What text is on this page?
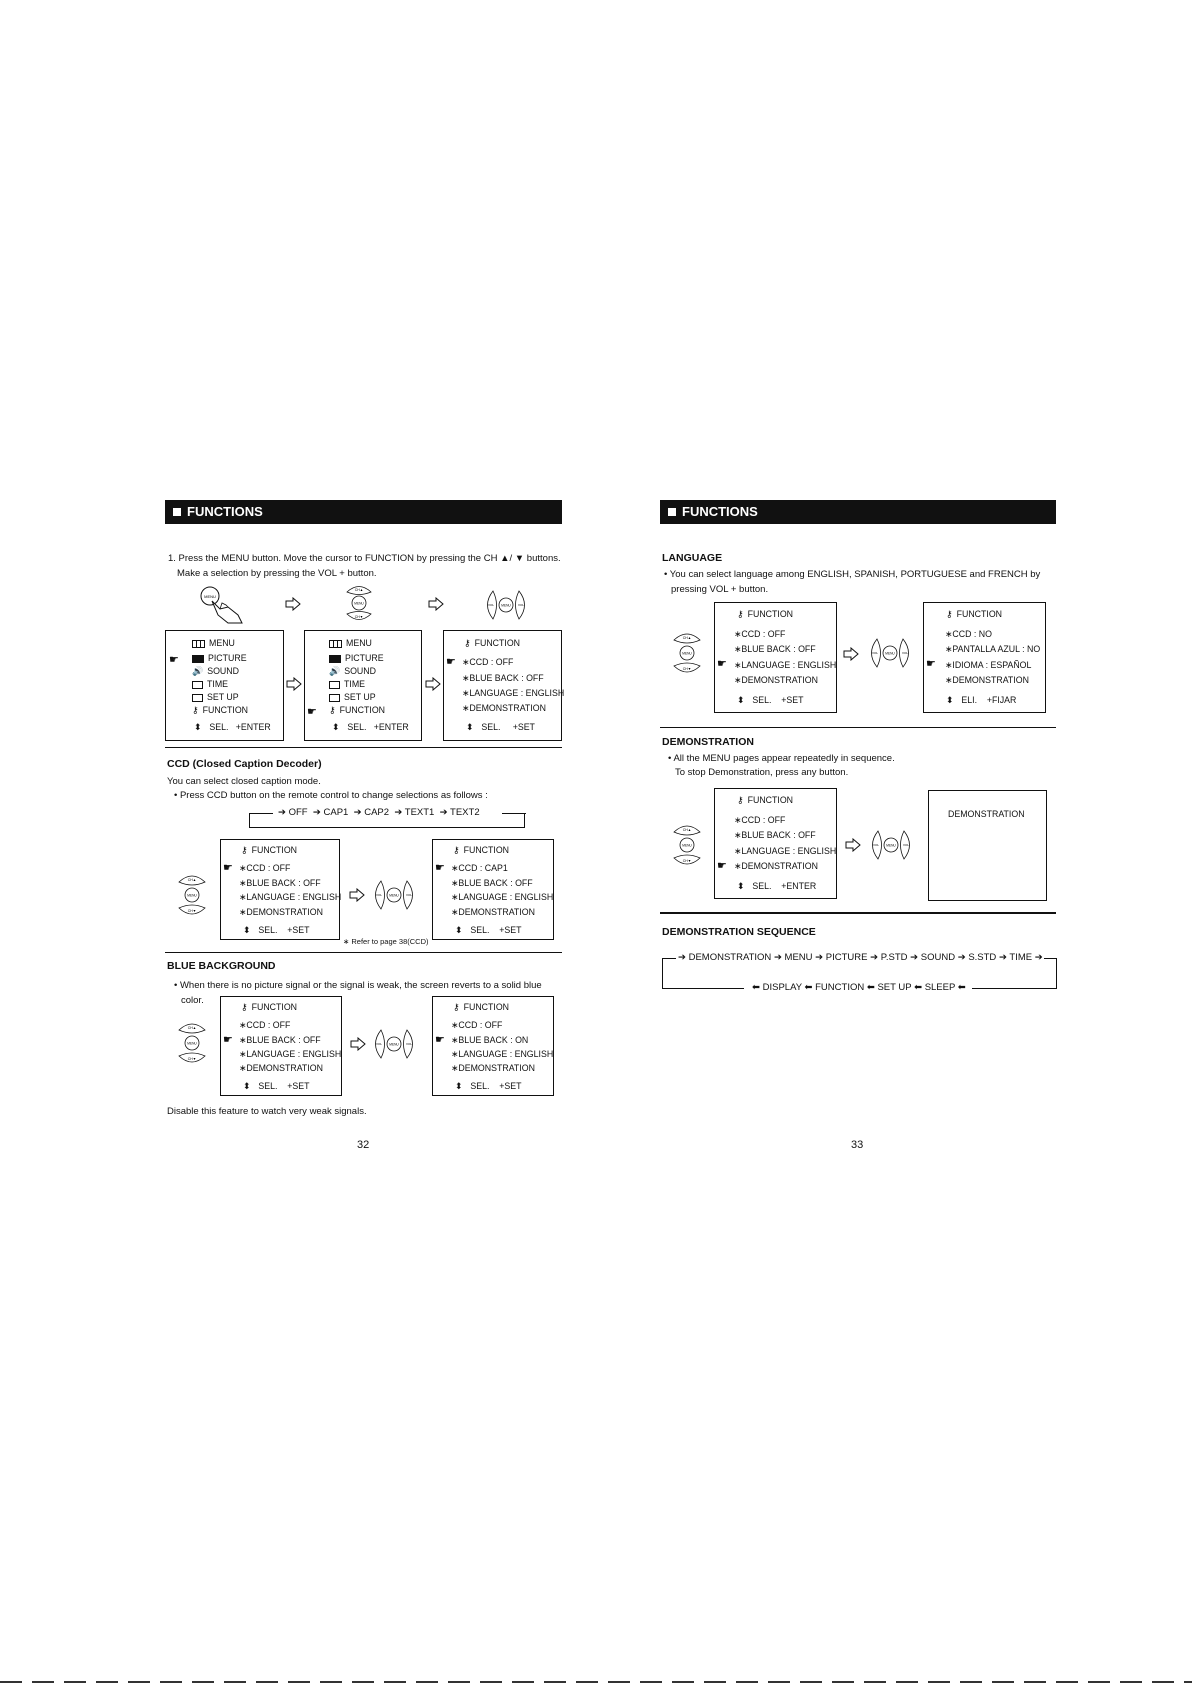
FUNCTIONS
1. Press the MENU button. Move the cursor to FUNCTION by pressing the CH ▲/ ▼ buttons.
Make a selection by pressing the VOL + button.
MENU
MENU
CH▲
CH▼
MENU
VOL	VOL
MENU
☛	PICTURE
🔊 SOUND
TIME
SET UP
⚷ FUNCTION
⬍ SEL. +ENTER
MENU
PICTURE
🔊 SOUND
TIME
SET UP
☛	⚷ FUNCTION
⬍ SEL. +ENTER
⚷ FUNCTION
☛ ∗CCD : OFF
∗BLUE BACK : OFF
∗LANGUAGE : ENGLISH
∗DEMONSTRATION
⬍ SEL. +SET
CCD (Closed Caption Decoder)
You can select closed caption mode.
• Press CCD button on the remote control to change selections as follows :
➔ OFF ➔ CAP1 ➔ CAP2 ➔ TEXT1 ➔ TEXT2
MENU
CH▲
CH▼
⚷ FUNCTION
☛ ∗CCD : OFF
∗BLUE BACK : OFF
∗LANGUAGE : ENGLISH
∗DEMONSTRATION
⬍ SEL. +SET
MENU
VOL	VOL
⚷ FUNCTION
☛ ∗CCD : CAP1
∗BLUE BACK : OFF
∗LANGUAGE : ENGLISH
∗DEMONSTRATION
⬍ SEL. +SET
∗ Refer to page 38(CCD)
BLUE BACKGROUND
• When there is no picture signal or the signal is weak, the screen reverts to a solid blue
color.
MENU
CH▲
CH▼
⚷ FUNCTION
∗CCD : OFF
☛ ∗BLUE BACK : OFF
∗LANGUAGE : ENGLISH
∗DEMONSTRATION
⬍ SEL. +SET
MENU
VOL	VOL
⚷ FUNCTION
∗CCD : OFF
☛ ∗BLUE BACK : ON
∗LANGUAGE : ENGLISH
∗DEMONSTRATION
⬍ SEL. +SET
Disable this feature to watch very weak signals.
32
FUNCTIONS
LANGUAGE
• You can select language among ENGLISH, SPANISH, PORTUGUESE and FRENCH by
pressing VOL + button.
MENU
CH▲
CH▼
⚷ FUNCTION
∗CCD : OFF
∗BLUE BACK : OFF
☛ ∗LANGUAGE : ENGLISH
∗DEMONSTRATION
⬍ SEL. +SET
MENU
VOL	VOL
⚷ FUNCTION
∗CCD : NO
∗PANTALLA AZUL : NO
☛ ∗IDIOMA : ESPAÑOL
∗DEMONSTRATION
⬍ ELI. +FIJAR
DEMONSTRATION
• All the MENU pages appear repeatedly in sequence.
To stop Demonstration, press any button.
MENU
CH▲
CH▼
⚷ FUNCTION
∗CCD : OFF
∗BLUE BACK : OFF
∗LANGUAGE : ENGLISH
☛ ∗DEMONSTRATION
⬍ SEL. +ENTER
MENU
VOL	VOL
DEMONSTRATION
DEMONSTRATION SEQUENCE
➔ DEMONSTRATION ➔ MENU ➔ PICTURE ➔ P.STD ➔ SOUND ➔ S.STD ➔ TIME ➔
⬅ DISPLAY ⬅ FUNCTION ⬅ SET UP ⬅ SLEEP ⬅
33
